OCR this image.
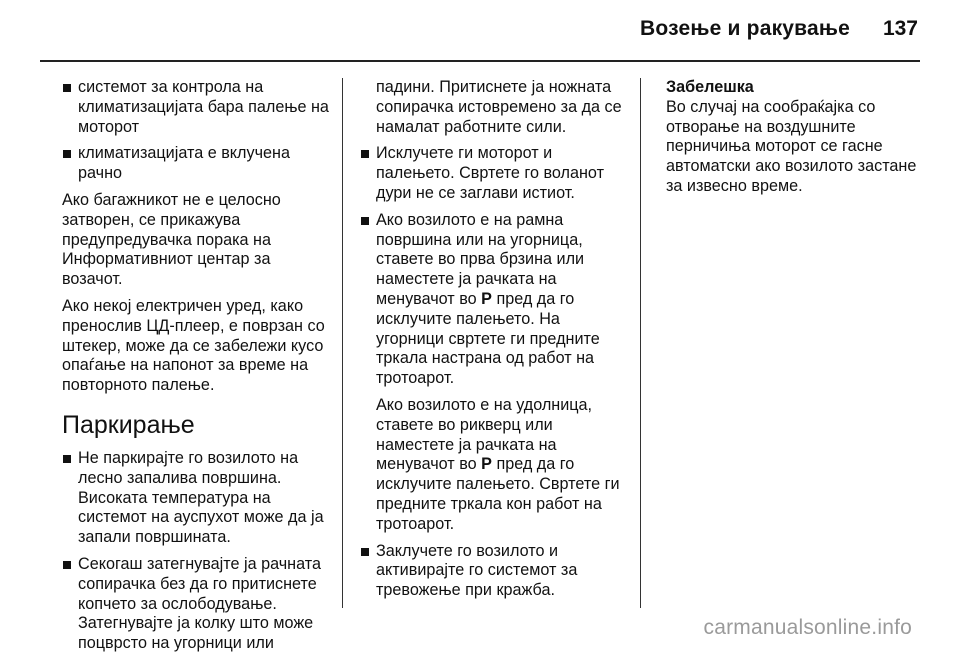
Возење и ракување 137
системот за контрола на климатизацијата бара палење на моторот
климатизацијата е вклучена рачно
Ако багажникот не е целосно затворен, се прикажува предупредувачка порака на Информативниот центар за возачот.
Ако некој електричен уред, како пренослив ЦД-плеер, е поврзан со штекер, може да се забележи кусо опаѓање на напонот за време на повторното палење.
Паркирање
Не паркирајте го возилото на лесно запалива површина. Високата температура на системот на ауспухот може да ја запали површината.
Секогаш затегнувајте ја рачната сопирачка без да го притиснете копчето за ослободување. Затегнувајте ја колку што може поцврсто на угорници или
падини. Притиснете ја ножната сопирачка истовремено за да се намалат работните сили.
Исклучете ги моторот и палењето. Свртете го воланот дури не се заглави истиот.
Ако возилото е на рамна површина или на угорница, ставете во прва брзина или наместете ја рачката на менувачот во P пред да го исклучите палењето. На угорници свртете ги предните тркала настрана од работ на тротоарот.
Ако возилото е на удолница, ставете во рикверц или наместете ја рачката на менувачот во P пред да го исклучите палењето. Свртете ги предните тркала кон работ на тротоарот.
Заклучете го возилото и активирајте го системот за тревожење при кражба.
Забелешка
Во случај на сообраќајка со отворање на воздушните перничиња моторот се гасне автоматски ако возилото застане за извесно време.
carmanualsonline.info
